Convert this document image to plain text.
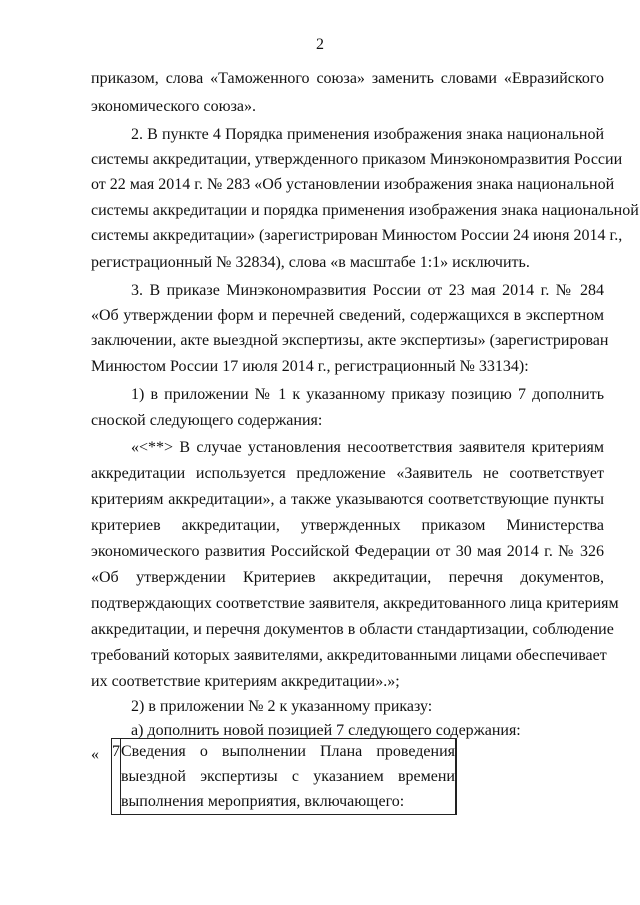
2
приказом, слова «Таможенного союза» заменить словами «Евразийского
экономического союза».
2. В пункте 4 Порядка применения изображения знака национальной
системы аккредитации, утвержденного приказом Минэкономразвития России
от 22 мая 2014 г. № 283 «Об установлении изображения знака национальной
системы аккредитации и порядка применения изображения знака национальной
системы аккредитации» (зарегистрирован Минюстом России 24 июня 2014 г.,
регистрационный № 32834), слова «в масштабе 1:1» исключить.
3. В приказе Минэкономразвития России от 23 мая 2014 г. № 284
«Об утверждении форм и перечней сведений, содержащихся в экспертном
заключении, акте выездной экспертизы, акте экспертизы» (зарегистрирован
Минюстом России 17 июля 2014 г., регистрационный № 33134):
1) в приложении № 1 к указанному приказу позицию 7 дополнить
сноской следующего содержания:
«<**> В случае установления несоответствия заявителя критериям
аккредитации используется предложение «Заявитель не соответствует
критериям аккредитации», а также указываются соответствующие пункты
критериев аккредитации, утвержденных приказом Министерства
экономического развития Российской Федерации от 30 мая 2014 г. № 326
«Об утверждении Критериев аккредитации, перечня документов,
подтверждающих соответствие заявителя, аккредитованного лица критериям
аккредитации, и перечня документов в области стандартизации, соблюдение
требований которых заявителями, аккредитованными лицами обеспечивает
их соответствие критериям аккредитации».»;
2) в приложении № 2 к указанному приказу:
а) дополнить новой позицией 7 следующего содержания:
« 7	Сведения о выполнении Плана проведения
выездной экспертизы с указанием времени
выполнения мероприятия, включающего:
